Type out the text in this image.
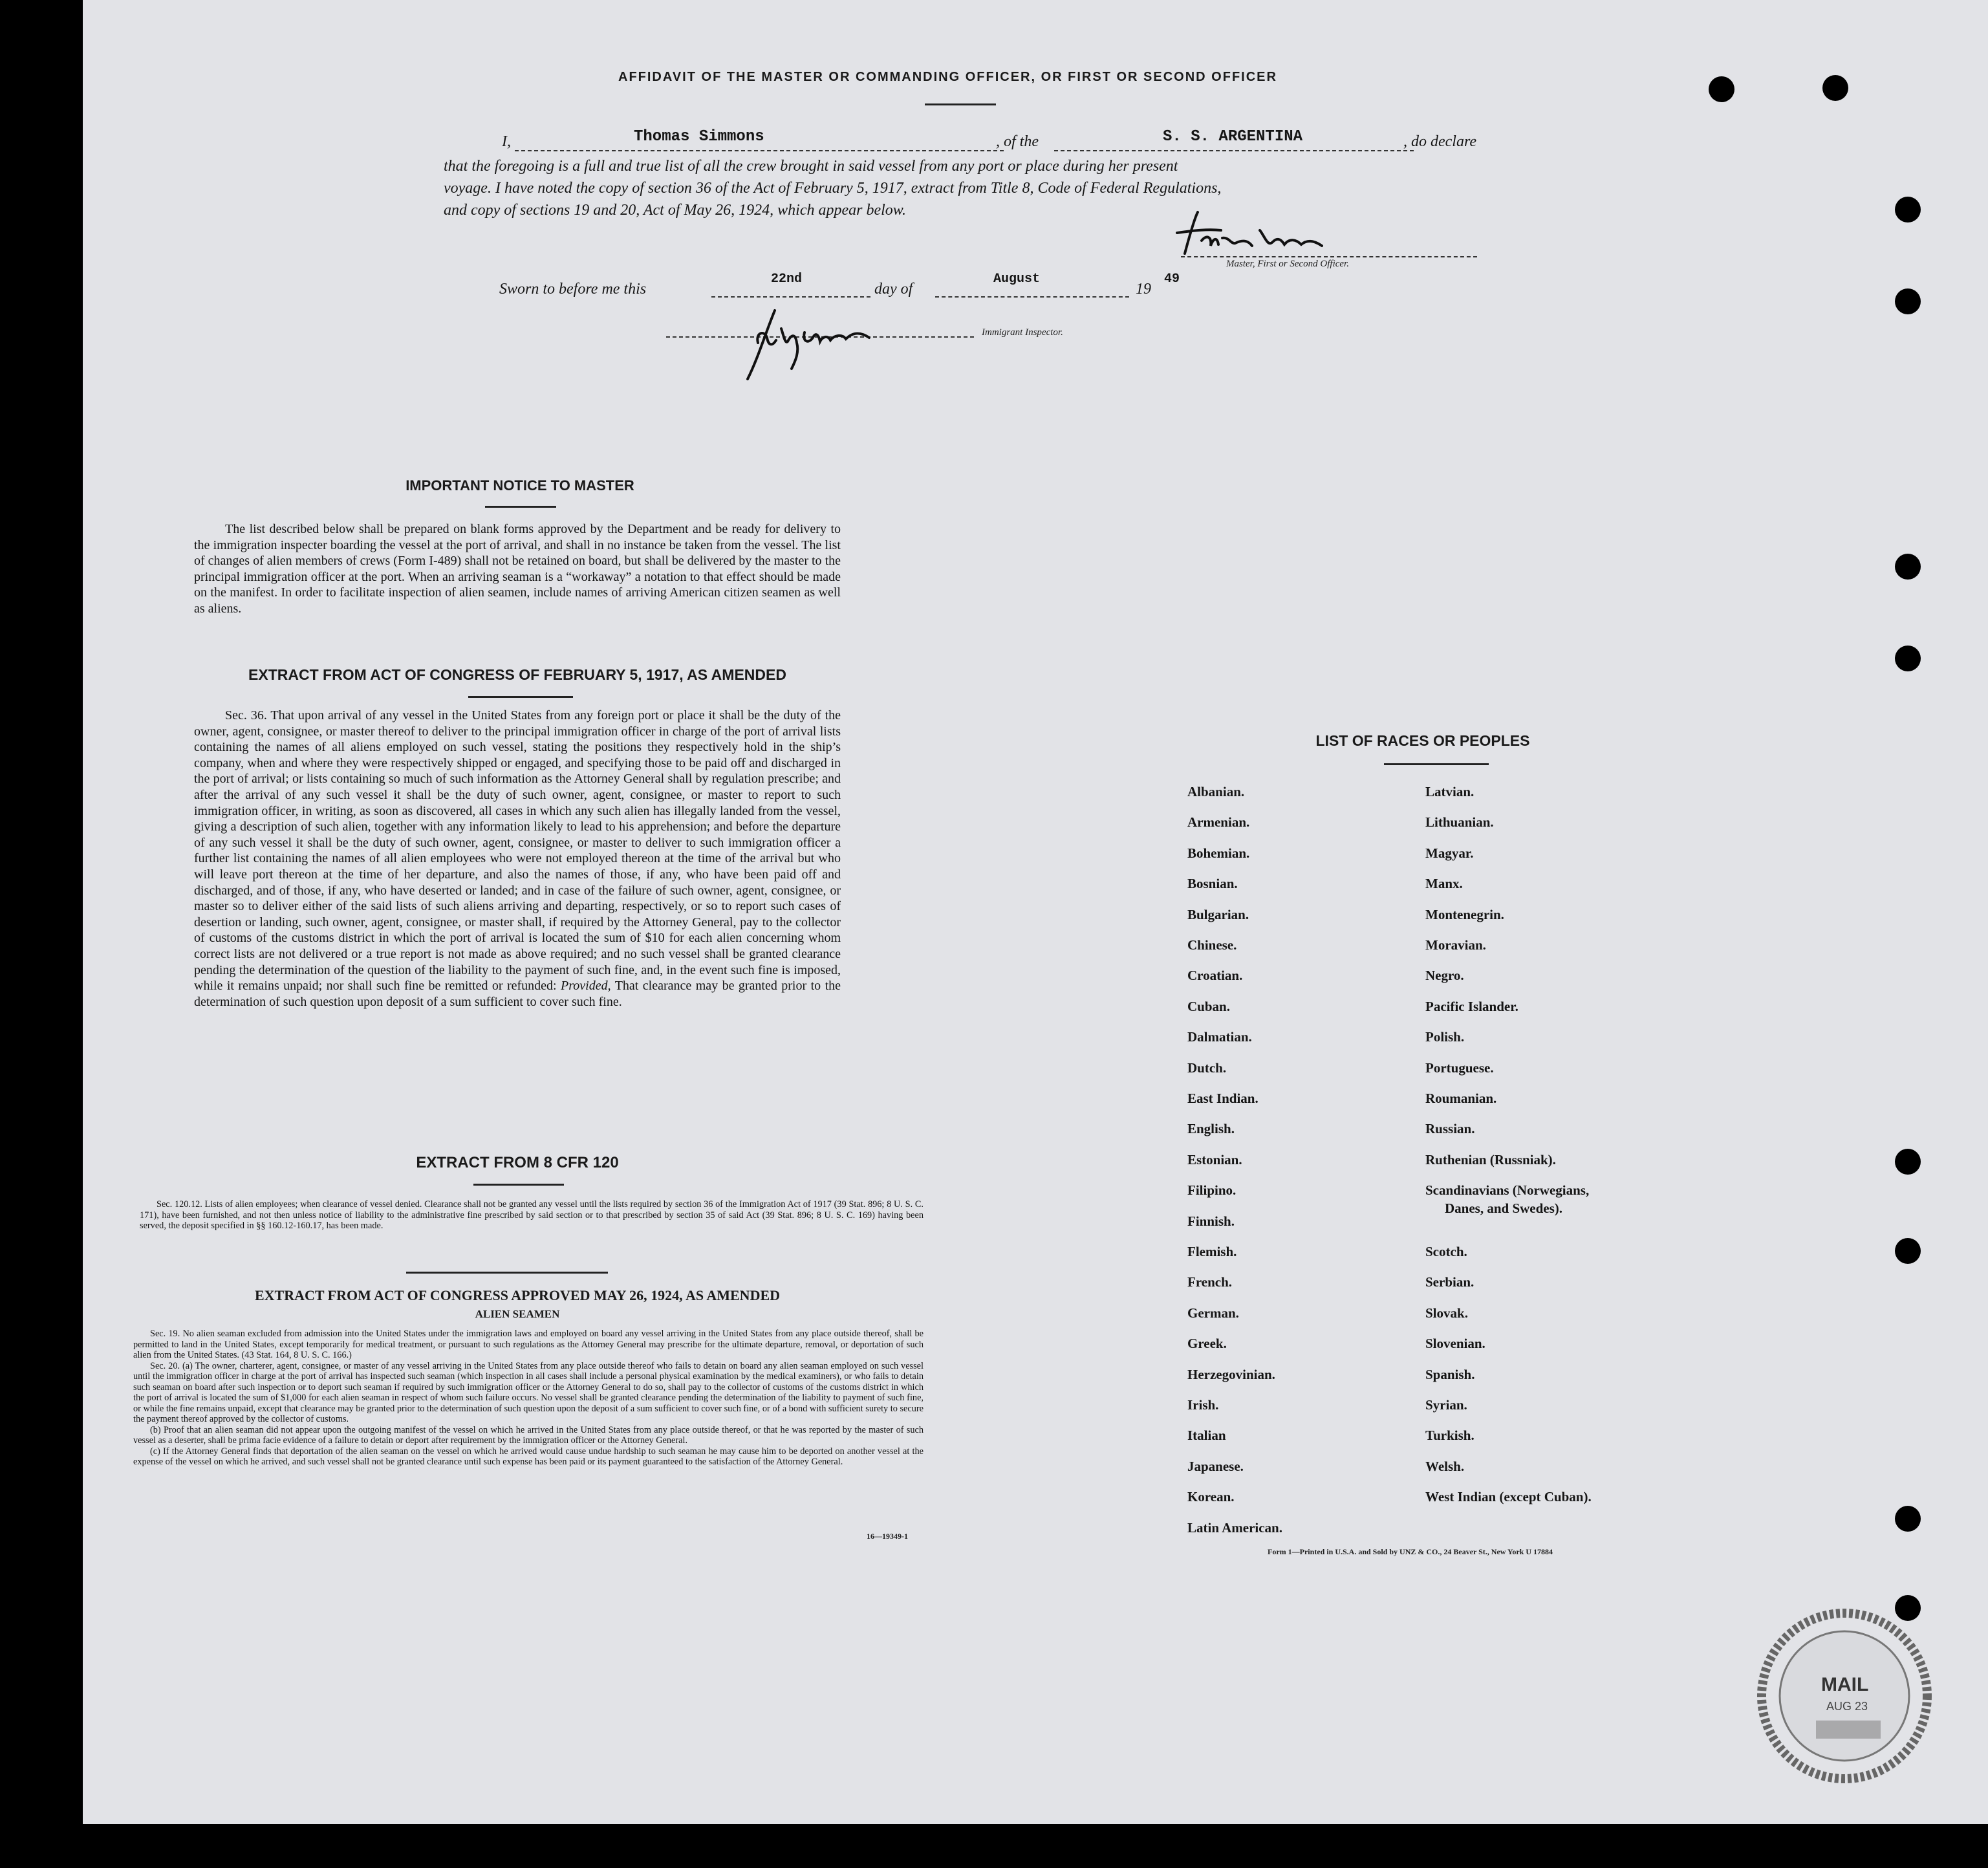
AFFIDAVIT OF THE MASTER OR COMMANDING OFFICER, OR FIRST OR SECOND OFFICER
I,	Thomas Simmons	, of the	S. S. ARGENTINA	, do declare
that the foregoing is a full and true list of all the crew brought in said vessel from any port or place during her present
voyage. I have noted the copy of section 36 of the Act of February 5, 1917, extract from Title 8, Code of Federal Regulations,
and copy of sections 19 and 20, Act of May 26, 1924, which appear below.
Master, First or Second Officer.
Sworn to before me this
22nd
day of
August
19
49
Immigrant Inspector.
IMPORTANT NOTICE TO MASTER

The list described below shall be prepared on blank forms approved by the Department and be ready for delivery to the immigration inspecter boarding the vessel at the port of arrival, and shall in no instance be taken from the vessel. The list of changes of alien members of crews (Form I-489) shall not be retained on board, but shall be delivered by the master to the principal immigration officer at the port. When an arriving seaman is a “workaway” a notation to that effect should be made on the manifest. In order to facilitate inspection of alien seamen, include names of arriving American citizen seamen as well as aliens.

EXTRACT FROM ACT OF CONGRESS OF FEBRUARY 5, 1917, AS AMENDED

Sec. 36. That upon arrival of any vessel in the United States from any foreign port or place it shall be the duty of the owner, agent, consignee, or master thereof to deliver to the principal immigration officer in charge of the port of arrival lists containing the names of all aliens employed on such vessel, stating the positions they respectively hold in the ship’s company, when and where they were respectively shipped or engaged, and specifying those to be paid off and discharged in the port of arrival; or lists containing so much of such information as the Attorney General shall by regulation prescribe; and after the arrival of any such vessel it shall be the duty of such owner, agent, consignee, or master to report to such immigration officer, in writing, as soon as discovered, all cases in which any such alien has illegally landed from the vessel, giving a description of such alien, together with any information likely to lead to his apprehension; and before the departure of any such vessel it shall be the duty of such owner, agent, consignee, or master to deliver to such immigration officer a further list containing the names of all alien employees who were not employed thereon at the time of the arrival but who will leave port thereon at the time of her departure, and also the names of those, if any, who have been paid off and discharged, and of those, if any, who have deserted or landed; and in case of the failure of such owner, agent, consignee, or master so to deliver either of the said lists of such aliens arriving and departing, respectively, or so to report such cases of desertion or landing, such owner, agent, consignee, or master shall, if required by the Attorney General, pay to the collector of customs of the customs district in which the port of arrival is located the sum of $10 for each alien concerning whom correct lists are not delivered or a true report is not made as above required; and no such vessel shall be granted clearance pending the determination of the question of the liability to the payment of such fine, and, in the event such fine is imposed, while it remains unpaid; nor shall such fine be remitted or refunded: Provided, That clearance may be granted prior to the determination of such question upon deposit of a sum sufficient to cover such fine.

EXTRACT FROM 8 CFR 120

Sec. 120.12. Lists of alien employees; when clearance of vessel denied. Clearance shall not be granted any vessel until the lists required by section 36 of the Immigration Act of 1917 (39 Stat. 896; 8 U. S. C. 171), have been furnished, and not then unless notice of liability to the administrative fine prescribed by said section or to that prescribed by section 35 of said Act (39 Stat. 896; 8 U. S. C. 169) having been served, the deposit specified in §§ 160.12-160.17, has been made.

EXTRACT FROM ACT OF CONGRESS APPROVED MAY 26, 1924, AS AMENDED
ALIEN SEAMEN

Sec. 19. No alien seaman excluded from admission into the United States under the immigration laws and employed on board any vessel arriving in the United States from any place outside thereof, shall be permitted to land in the United States, except temporarily for medical treatment, or pursuant to such regulations as the Attorney General may prescribe for the ultimate departure, removal, or deportation of such alien from the United States. (43 Stat. 164, 8 U. S. C. 166.)

Sec. 20. (a) The owner, charterer, agent, consignee, or master of any vessel arriving in the United States from any place outside thereof who fails to detain on board any alien seaman employed on such vessel until the immigration officer in charge at the port of arrival has inspected such seaman (which inspection in all cases shall include a personal physical examination by the medical examiners), or who fails to detain such seaman on board after such inspection or to deport such seaman if required by such immigration officer or the Attorney General to do so, shall pay to the collector of customs of the customs district in which the port of arrival is located the sum of $1,000 for each alien seaman in respect of whom such failure occurs. No vessel shall be granted clearance pending the determination of the liability to payment of such fine, or while the fine remains unpaid, except that clearance may be granted prior to the determination of such question upon the deposit of a sum sufficient to cover such fine, or of a bond with sufficient surety to secure the payment thereof approved by the collector of customs.

(b) Proof that an alien seaman did not appear upon the outgoing manifest of the vessel on which he arrived in the United States from any place outside thereof, or that he was reported by the master of such vessel as a deserter, shall be prima facie evidence of a failure to detain or deport after requirement by the immigration officer or the Attorney General.

(c) If the Attorney General finds that deportation of the alien seaman on the vessel on which he arrived would cause undue hardship to such seaman he may cause him to be deported on another vessel at the expense of the vessel on which he arrived, and such vessel shall not be granted clearance until such expense has been paid or its payment guaranteed to the satisfaction of the Attorney General.

16—19349-1
LIST OF RACES OR PEOPLES
Albanian.
Armenian.
Bohemian.
Bosnian.
Bulgarian.
Chinese.
Croatian.
Cuban.
Dalmatian.
Dutch.
East Indian.
English.
Estonian.
Filipino.
Finnish.
Flemish.
French.
German.
Greek.
Herzegovinian.
Irish.
Italian
Japanese.
Korean.
Latin American.
Latvian.
Lithuanian.
Magyar.
Manx.
Montenegrin.
Moravian.
Negro.
Pacific Islander.
Polish.
Portuguese.
Roumanian.
Russian.
Ruthenian (Russniak).
Scandinavians (Norwegians,
Danes, and Swedes).
Scotch.
Serbian.
Slovak.
Slovenian.
Spanish.
Syrian.
Turkish.
Welsh.
West Indian (except Cuban).
Form 1—Printed in U.S.A. and Sold by UNZ & CO., 24 Beaver St., New York U 17884
MAIL
AUG 23
